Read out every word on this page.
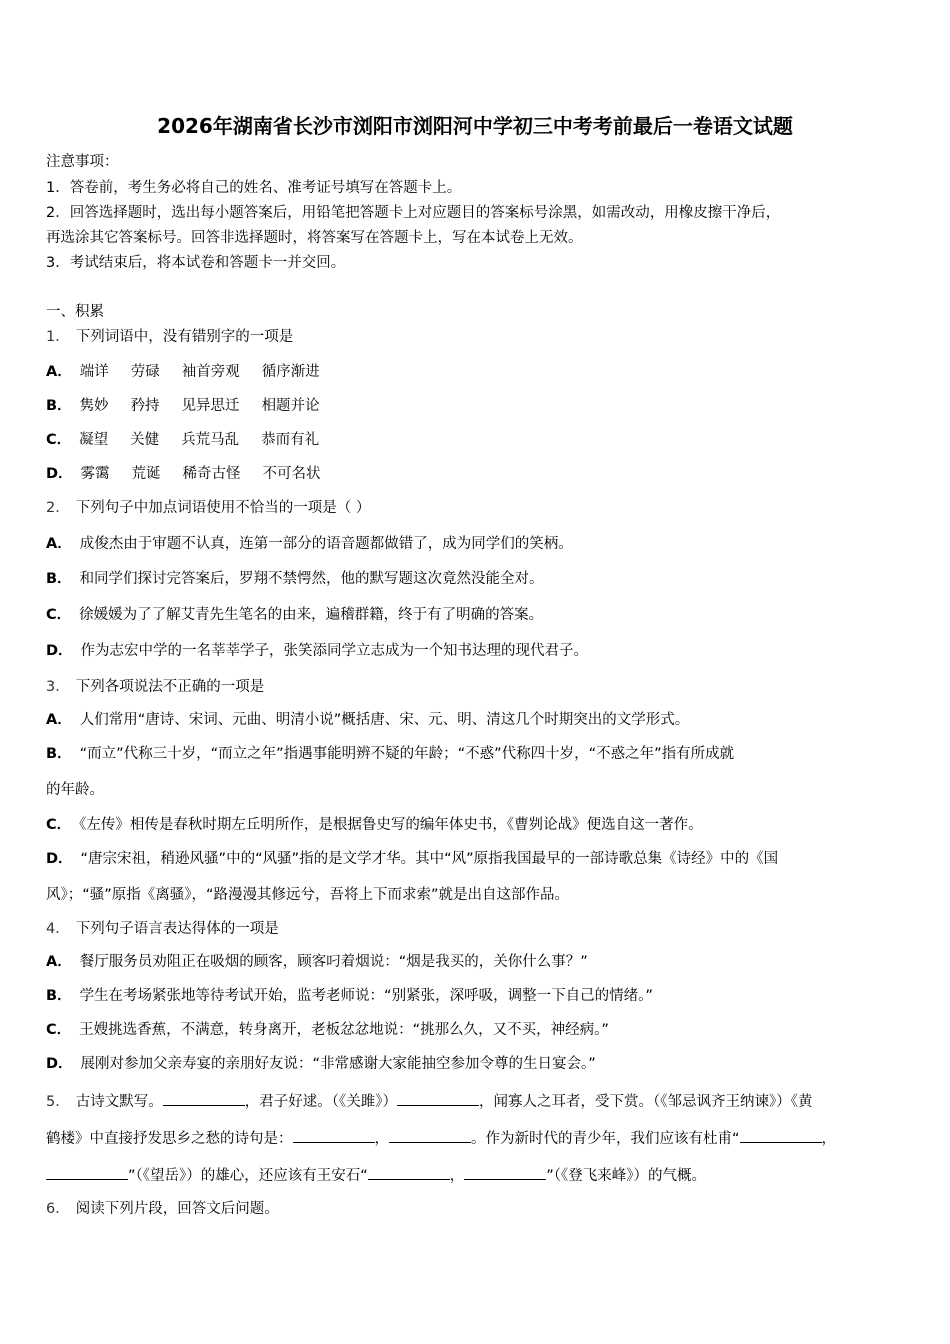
2026年湖南省长沙市浏阳市浏阳河中学初三中考考前最后一卷语文试题
注意事项：
1．答卷前，考生务必将自己的姓名、准考证号填写在答题卡上。
2．回答选择题时，选出每小题答案后，用铅笔把答题卡上对应题目的答案标号涂黑，如需改动，用橡皮擦干净后，
再选涂其它答案标号。回答非选择题时，将答案写在答题卡上，写在本试卷上无效。
3．考试结束后，将本试卷和答题卡一并交回。
一、积累
1． 下列词语中，没有错别字的一项是
A． 端详 劳碌 袖首旁观 循序渐进
B． 隽妙 矜持 见异思迁 相题并论
C． 凝望 关健 兵荒马乱 恭而有礼
D． 雾霭 荒诞 稀奇古怪 不可名状
2． 下列句子中加点词语使用不恰当的一项是（ ）
A． 成俊杰由于审题不认真，连第一部分的语音题都做错了，成为同学们的笑柄。
B． 和同学们探讨完答案后，罗翔不禁愕然，他的默写题这次竟然没能全对。
C． 徐媛媛为了了解艾青先生笔名的由来，遍稽群籍，终于有了明确的答案。
D． 作为志宏中学的一名莘莘学子，张笑添同学立志成为一个知书达理的现代君子。
3． 下列各项说法不正确的一项是
A． 人们常用“唐诗、宋词、元曲、明清小说”概括唐、宋、元、明、清这几个时期突出的文学形式。
B． “而立”代称三十岁，“而立之年”指遇事能明辨不疑的年龄；“不惑”代称四十岁，“不惑之年”指有所成就
的年龄。
C． 《左传》相传是春秋时期左丘明所作，是根据鲁史写的编年体史书，《曹刿论战》便选自这一著作。
D． “唐宗宋祖，稍逊风骚”中的“风骚”指的是文学才华。其中“风”原指我国最早的一部诗歌总集《诗经》中的《国
风》；“骚”原指《离骚》，“路漫漫其修远兮，吾将上下而求索”就是出自这部作品。
4． 下列句子语言表达得体的一项是
A． 餐厅服务员劝阻正在吸烟的顾客，顾客叼着烟说：“烟是我买的，关你什么事？”
B． 学生在考场紧张地等待考试开始，监考老师说：“别紧张，深呼吸，调整一下自己的情绪。”
C． 王嫂挑选香蕉，不满意，转身离开，老板忿忿地说：“挑那么久，又不买，神经病。”
D． 展刚对参加父亲寿宴的亲朋好友说：“非常感谢大家能抽空参加令尊的生日宴会。”
5． 古诗文默写。	，君子好逑。（《关雎》）	，闻寡人之耳者，受下赏。（《邹忌讽齐王纳谏》）《黄
鹤楼》中直接抒发思乡之愁的诗句是：	，	。作为新时代的青少年，我们应该有杜甫“	，
”（《望岳》）的雄心，还应该有王安石“	，	”（《登飞来峰》）的气概。
6． 阅读下列片段，回答文后问题。
